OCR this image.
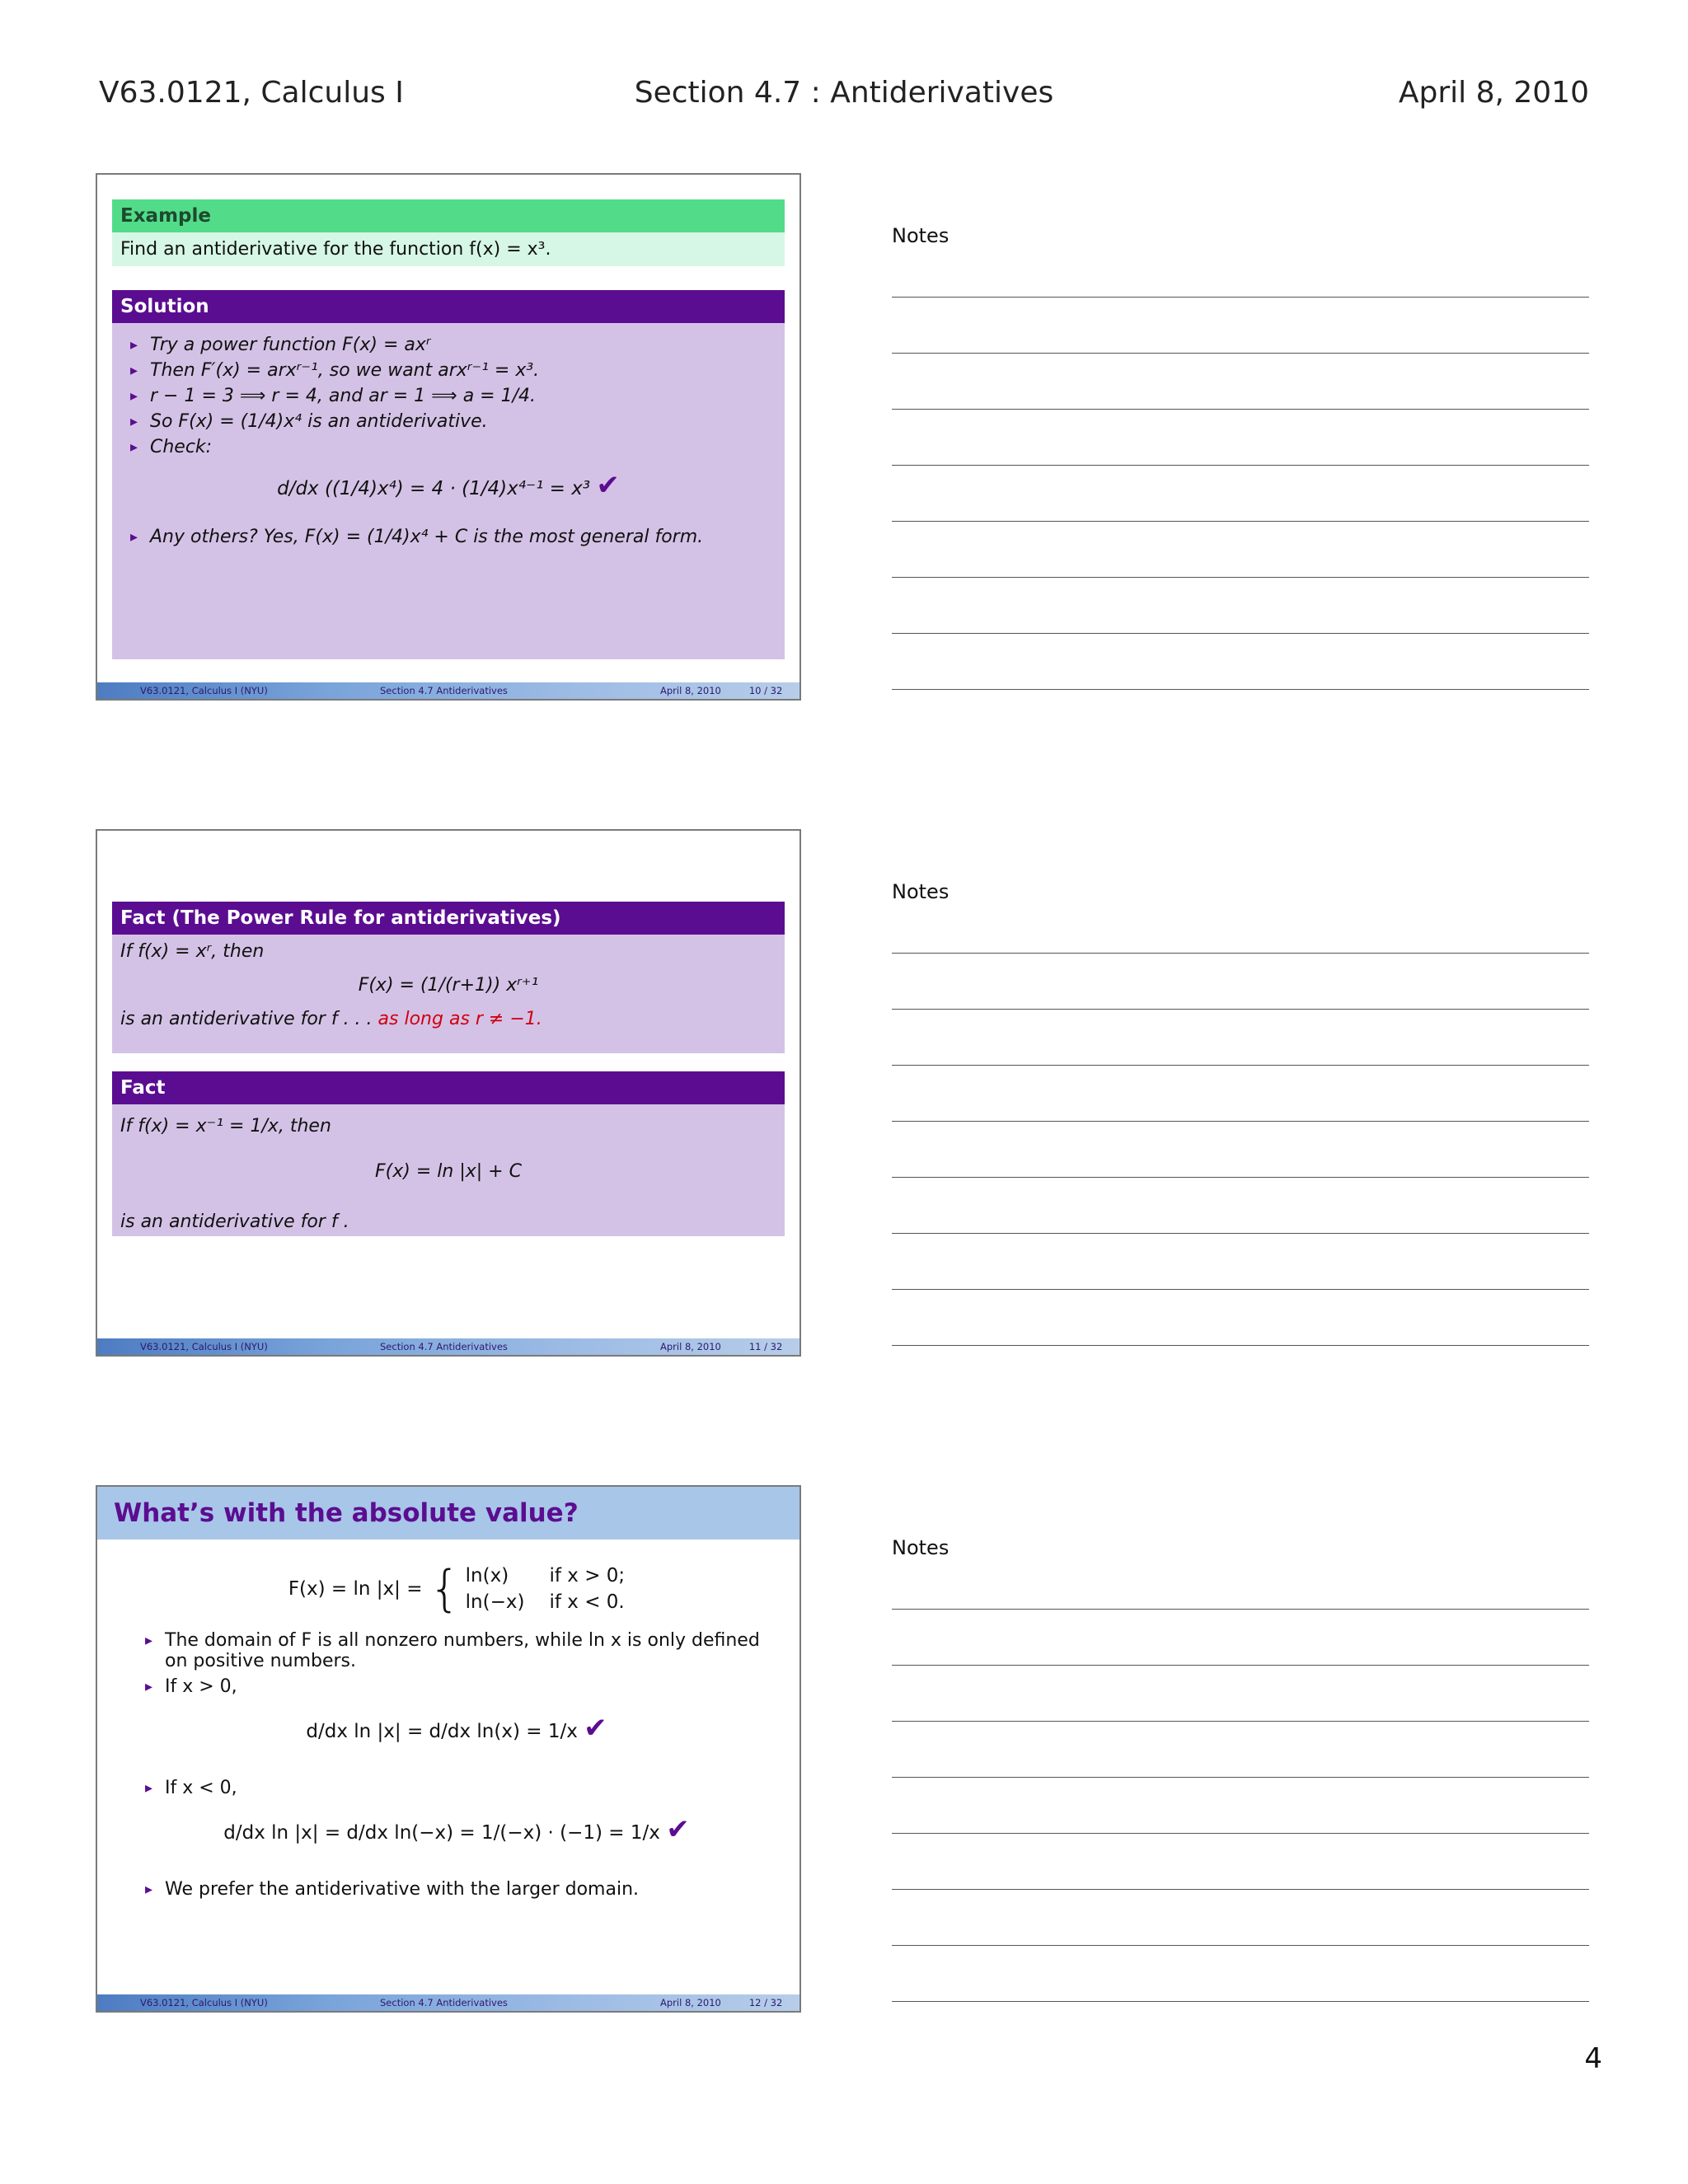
V63.0121, Calculus I	Section 4.7 : Antiderivatives	April 8, 2010
Example
Find an antiderivative for the function f(x) = x³.
Solution
▸ Try a power function F(x) = axʳ
▸ Then F′(x) = arxʳ⁻¹, so we want arxʳ⁻¹ = x³.
▸ r − 1 = 3 ⟹ r = 4, and ar = 1 ⟹ a = 1/4.
▸ So F(x) = (1/4)x⁴ is an antiderivative.
▸ Check:
d/dx ((1/4)x⁴) = 4 · (1/4)x⁴⁻¹ = x³ ✔
▸ Any others? Yes, F(x) = (1/4)x⁴ + C is the most general form.
V63.0121, Calculus I (NYU)	Section 4.7 Antiderivatives	April 8, 2010	10 / 32
Fact (The Power Rule for antiderivatives)
If f(x) = xʳ, then
F(x) = (1/(r+1)) xʳ⁺¹
is an antiderivative for f . . . as long as r ≠ −1.
Fact
If f(x) = x⁻¹ = 1/x, then
F(x) = ln |x| + C
is an antiderivative for f .
V63.0121, Calculus I (NYU)	Section 4.7 Antiderivatives	April 8, 2010	11 / 32
What’s with the absolute value?
F(x) = ln |x| = { ln(x)	if x > 0;
ln(−x) if x < 0.
▸ The domain of F is all nonzero numbers, while ln x is only defined on positive numbers.
▸ If x > 0,
d/dx ln |x| = d/dx ln(x) = 1/x ✔
▸ If x < 0,
d/dx ln |x| = d/dx ln(−x) = 1/(−x) · (−1) = 1/x ✔
▸ We prefer the antiderivative with the larger domain.
V63.0121, Calculus I (NYU)	Section 4.7 Antiderivatives	April 8, 2010	12 / 32
Notes
Notes
Notes
4
